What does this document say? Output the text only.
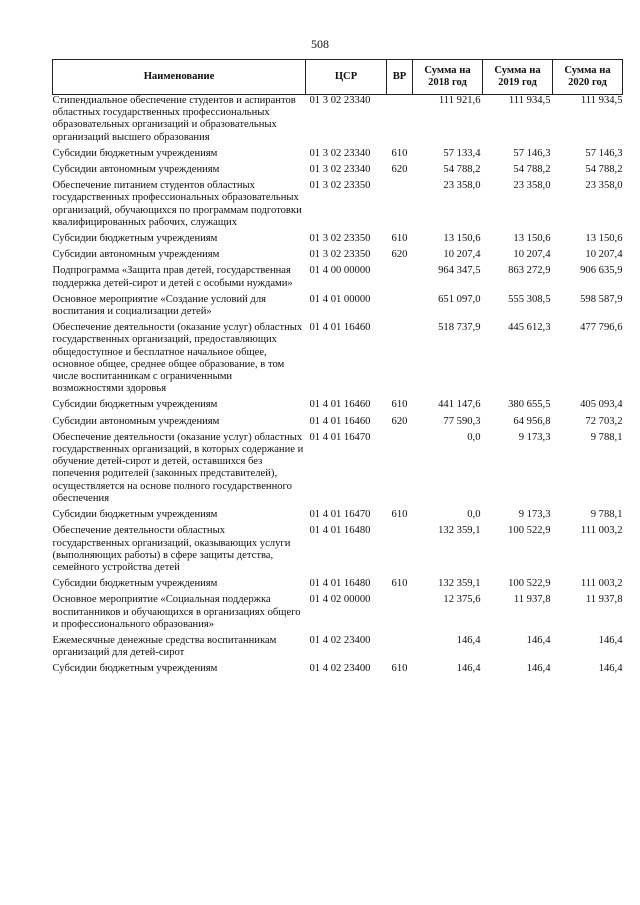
508
Наименование	ЦСР	ВР	Сумма на 2018 год	Сумма на 2019 год	Сумма на 2020 год
Стипендиальное обеспечение студентов и аспирантов областных государственных профессиональных образовательных организаций и образовательных организаций высшего образования	01 3 02 23340		111 921,6	111 934,5	111 934,5
Субсидии бюджетным учреждениям	01 3 02 23340	610	57 133,4	57 146,3	57 146,3
Субсидии автономным учреждениям	01 3 02 23340	620	54 788,2	54 788,2	54 788,2
Обеспечение питанием студентов областных государственных профессиональных образовательных организаций, обучающихся по программам подготовки квалифицированных рабочих, служащих	01 3 02 23350		23 358,0	23 358,0	23 358,0
Субсидии бюджетным учреждениям	01 3 02 23350	610	13 150,6	13 150,6	13 150,6
Субсидии автономным учреждениям	01 3 02 23350	620	10 207,4	10 207,4	10 207,4
Подпрограмма «Защита прав детей, государственная поддержка детей-сирот и детей с особыми нуждами»	01 4 00 00000		964 347,5	863 272,9	906 635,9
Основное мероприятие «Создание условий для воспитания и социализации детей»	01 4 01 00000		651 097,0	555 308,5	598 587,9
Обеспечение деятельности (оказание услуг) областных государственных организаций, предоставляющих общедоступное и бесплатное начальное общее, основное общее, среднее общее образование, в том числе воспитанникам с ограниченными возможностями здоровья	01 4 01 16460		518 737,9	445 612,3	477 796,6
Субсидии бюджетным учреждениям	01 4 01 16460	610	441 147,6	380 655,5	405 093,4
Субсидии автономным учреждениям	01 4 01 16460	620	77 590,3	64 956,8	72 703,2
Обеспечение деятельности (оказание услуг) областных государственных организаций, в которых содержание и обучение детей-сирот и детей, оставшихся без попечения родителей (законных представителей), осуществляется на основе полного государственного обеспечения	01 4 01 16470		0,0	9 173,3	9 788,1
Субсидии бюджетным учреждениям	01 4 01 16470	610	0,0	9 173,3	9 788,1
Обеспечение деятельности областных государственных организаций, оказывающих услуги (выполняющих работы) в сфере защиты детства, семейного устройства детей	01 4 01 16480		132 359,1	100 522,9	111 003,2
Субсидии бюджетным учреждениям	01 4 01 16480	610	132 359,1	100 522,9	111 003,2
Основное мероприятие «Социальная поддержка воспитанников и обучающихся в организациях общего и профессионального образования»	01 4 02 00000		12 375,6	11 937,8	11 937,8
Ежемесячные денежные средства воспитанникам организаций для детей-сирот	01 4 02 23400		146,4	146,4	146,4
Субсидии бюджетным учреждениям	01 4 02 23400	610	146,4	146,4	146,4
